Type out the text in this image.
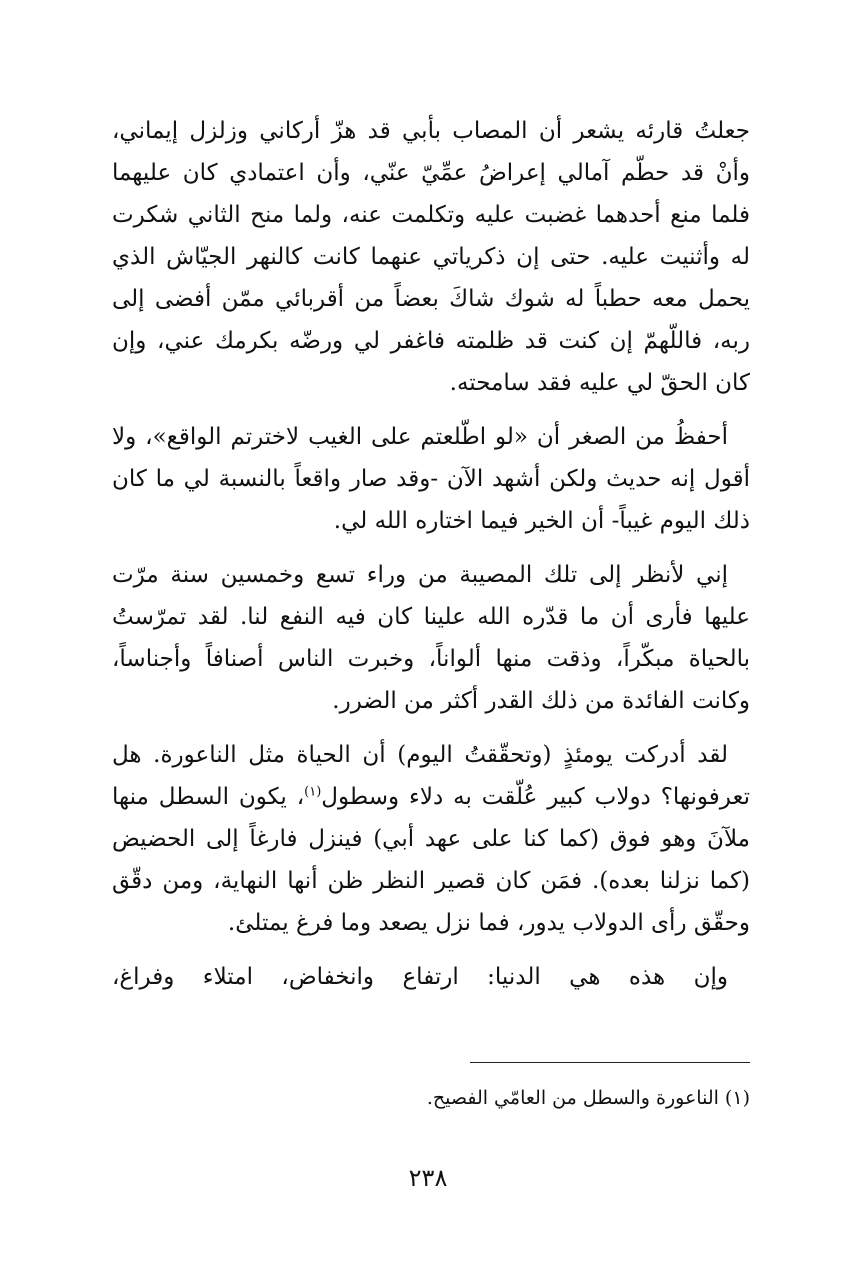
جعلتُ قارئه يشعر أن المصاب بأبي قد هزّ أركاني وزلزل إيماني، وأنْ قد حطّم آمالي إعراضُ عمِّيّ عنّي، وأن اعتمادي كان عليهما فلما منع أحدهما غضبت عليه وتكلمت عنه، ولما منح الثاني شكرت له وأثنيت عليه. حتى إن ذكرياتي عنهما كانت كالنهر الجيّاش الذي يحمل معه حطباً له شوك شاكَ بعضاً من أقربائي ممّن أفضى إلى ربه، فاللّهمّ إن كنت قد ظلمته فاغفر لي ورضّه بكرمك عني، وإن كان الحقّ لي عليه فقد سامحته.

أحفظُ من الصغر أن «لو اطّلعتم على الغيب لاخترتم الواقع»، ولا أقول إنه حديث ولكن أشهد الآن -وقد صار واقعاً بالنسبة لي ما كان ذلك اليوم غيباً- أن الخير فيما اختاره الله لي.

إني لأنظر إلى تلك المصيبة من وراء تسع وخمسين سنة مرّت عليها فأرى أن ما قدّره الله علينا كان فيه النفع لنا. لقد تمرّستُ بالحياة مبكّراً، وذقت منها ألواناً، وخبرت الناس أصنافاً وأجناساً، وكانت الفائدة من ذلك القدر أكثر من الضرر.

لقد أدركت يومئذٍ (وتحقّقتُ اليوم) أن الحياة مثل الناعورة. هل تعرفونها؟ دولاب كبير عُلّقت به دلاء وسطول$^{(١)}$، يكون السطل منها ملآنَ وهو فوق (كما كنا على عهد أبي) فينزل فارغاً إلى الحضيض (كما نزلنا بعده). فمَن كان قصير النظر ظن أنها النهاية، ومن دقّق وحقّق رأى الدولاب يدور، فما نزل يصعد وما فرغ يمتلئ.

وإن هذه هي الدنيا: ارتفاع وانخفاض، امتلاء وفراغ،

(١) الناعورة والسطل من العامّي الفصيح.
٢٣٨
